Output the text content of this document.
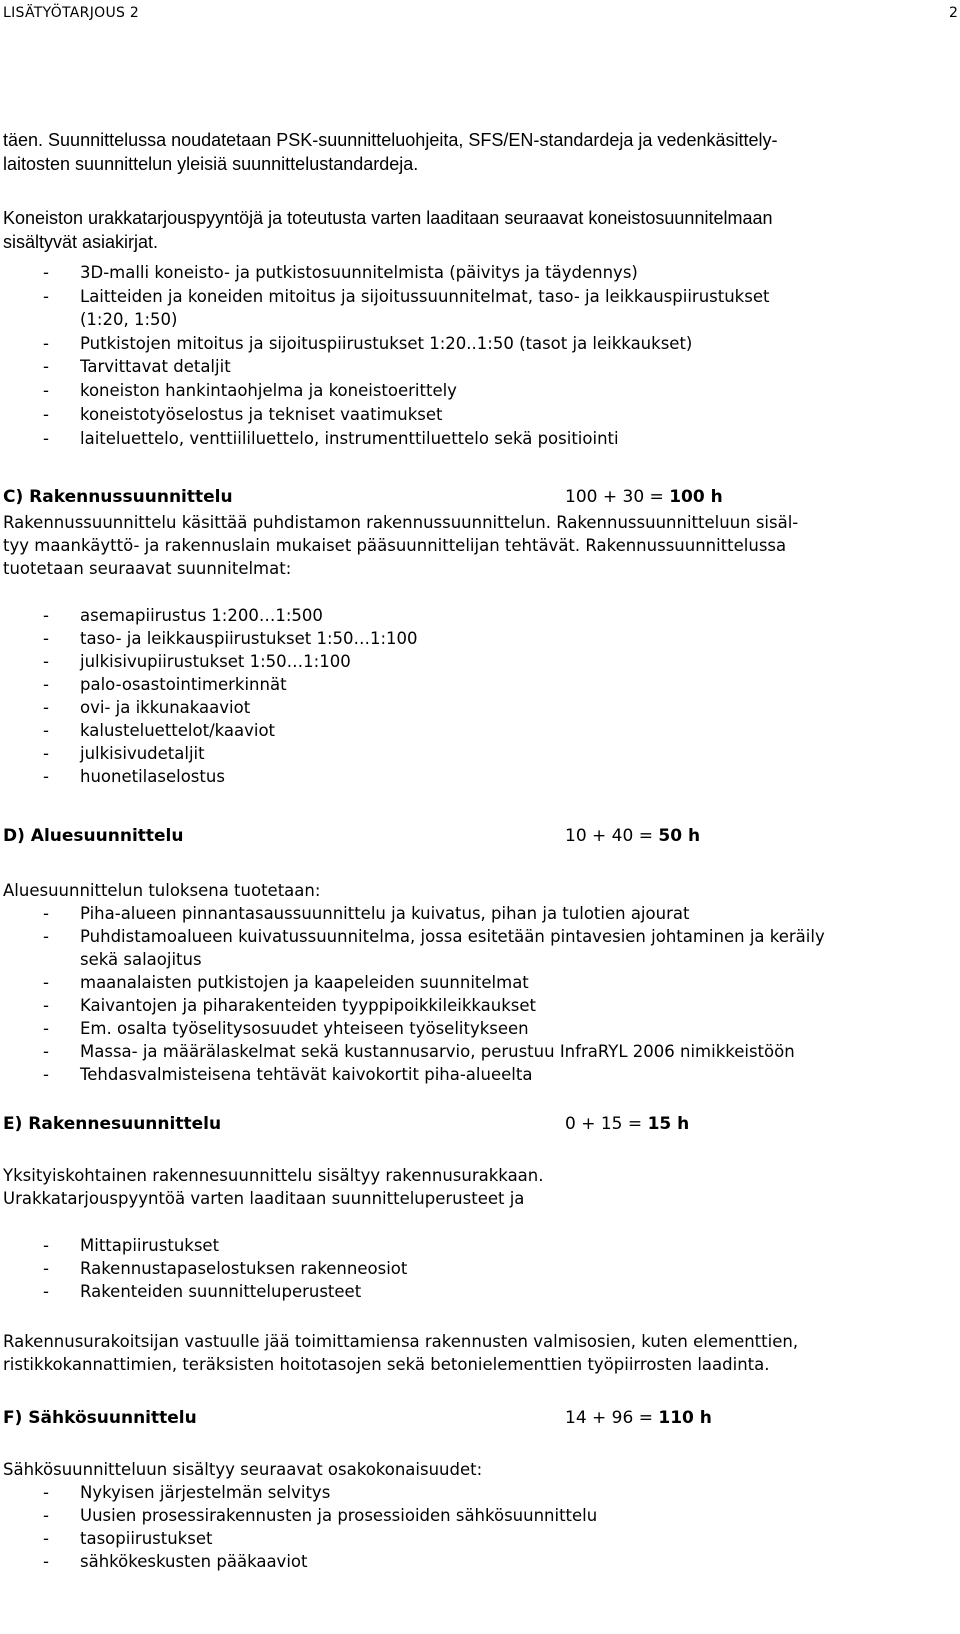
LISÄTYÖTARJOUS 2	2
täen. Suunnittelussa noudatetaan PSK-suunnitteluohjeita, SFS/EN-standardeja ja vedenkäsittely-
laitosten suunnittelun yleisiä suunnittelustandardeja.
Koneiston urakkatarjouspyyntöjä ja toteutusta varten laaditaan seuraavat koneistosuunnitelmaan
sisältyvät asiakirjat.
-	3D-malli koneisto- ja putkistosuunnitelmista (päivitys ja täydennys)
-	Laitteiden ja koneiden mitoitus ja sijoitussuunnitelmat, taso- ja leikkauspiirustukset
(1:20, 1:50)
-	Putkistojen mitoitus ja sijoituspiirustukset 1:20..1:50 (tasot ja leikkaukset)
-	Tarvittavat detaljit
-	koneiston hankintaohjelma ja koneistoerittely
-	koneistotyöselostus ja tekniset vaatimukset
-	laiteluettelo, venttiililuettelo, instrumenttiluettelo sekä positiointi
C) Rakennussuunnittelu	100 + 30 = 100 h
Rakennussuunnittelu käsittää puhdistamon rakennussuunnittelun. Rakennussuunnitteluun sisäl-
tyy maankäyttö- ja rakennuslain mukaiset pääsuunnittelijan tehtävät. Rakennussuunnittelussa
tuotetaan seuraavat suunnitelmat:
-	asemapiirustus 1:200…1:500
-	taso- ja leikkauspiirustukset 1:50…1:100
-	julkisivupiirustukset 1:50…1:100
-	palo-osastointimerkinnät
-	ovi- ja ikkunakaaviot
-	kalusteluettelot/kaaviot
-	julkisivudetaljit
-	huonetilaselostus
D) Aluesuunnittelu	10 + 40 = 50 h
Aluesuunnittelun tuloksena tuotetaan:
-	Piha-alueen pinnantasaussuunnittelu ja kuivatus, pihan ja tulotien ajourat
-	Puhdistamoalueen kuivatussuunnitelma, jossa esitetään pintavesien johtaminen ja keräily
sekä salaojitus
-	maanalaisten putkistojen ja kaapeleiden suunnitelmat
-	Kaivantojen ja piharakenteiden tyyppipoikkileikkaukset
-	Em. osalta työselitysosuudet yhteiseen työselitykseen
-	Massa- ja määrälaskelmat sekä kustannusarvio, perustuu InfraRYL 2006 nimikkeistöön
-	Tehdasvalmisteisena tehtävät kaivokortit piha-alueelta
E) Rakennesuunnittelu	0 + 15 = 15 h
Yksityiskohtainen rakennesuunnittelu sisältyy rakennusurakkaan.
Urakkatarjouspyyntöä varten laaditaan suunnitteluperusteet ja
-	Mittapiirustukset
-	Rakennustapaselostuksen rakenneosiot
-	Rakenteiden suunnitteluperusteet
Rakennusurakoitsijan vastuulle jää toimittamiensa rakennusten valmisosien, kuten elementtien,
ristikkokannattimien, teräksisten hoitotasojen sekä betonielementtien työpiirrosten laadinta.
F) Sähkösuunnittelu	14 + 96 = 110 h
Sähkösuunnitteluun sisältyy seuraavat osakokonaisuudet:
-	Nykyisen järjestelmän selvitys
-	Uusien prosessirakennusten ja prosessioiden sähkösuunnittelu
-	tasopiirustukset
-	sähkökeskusten pääkaaviot
